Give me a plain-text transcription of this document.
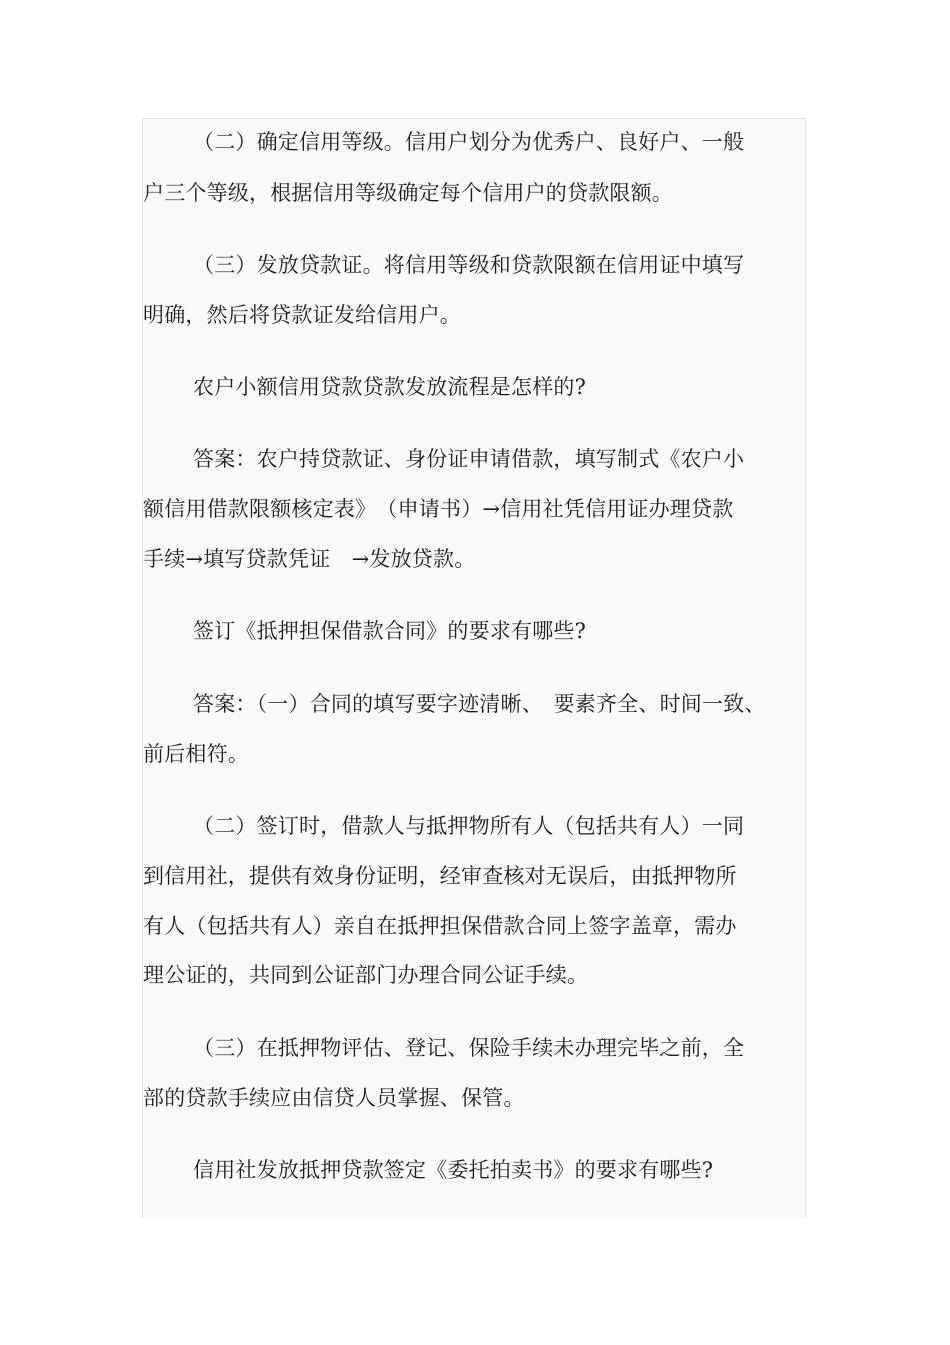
（二）确定信用等级。信用户划分为优秀户、良好户、一般
户三个等级，根据信用等级确定每个信用户的贷款限额。
（三）发放贷款证。将信用等级和贷款限额在信用证中填写
明确，然后将贷款证发给信用户。
农户小额信用贷款贷款发放流程是怎样的?
答案：农户持贷款证、身份证申请借款，填写制式《农户小
额信用借款限额核定表》　（申请书）→信用社凭信用证办理贷款
手续→填写贷款凭证　→发放贷款。
签订《抵押担保借款合同》的要求有哪些?
答案：（一）合同的填写要字迹清晰、　要素齐全、时间一致、
前后相符。
（二）签订时，借款人与抵押物所有人（包括共有人）一同
到信用社，提供有效身份证明，经审查核对无误后，由抵押物所
有人（包括共有人）亲自在抵押担保借款合同上签字盖章，需办
理公证的，共同到公证部门办理合同公证手续。
（三）在抵押物评估、登记、保险手续未办理完毕之前，全
部的贷款手续应由信贷人员掌握、保管。
信用社发放抵押贷款签定《委托拍卖书》的要求有哪些?
